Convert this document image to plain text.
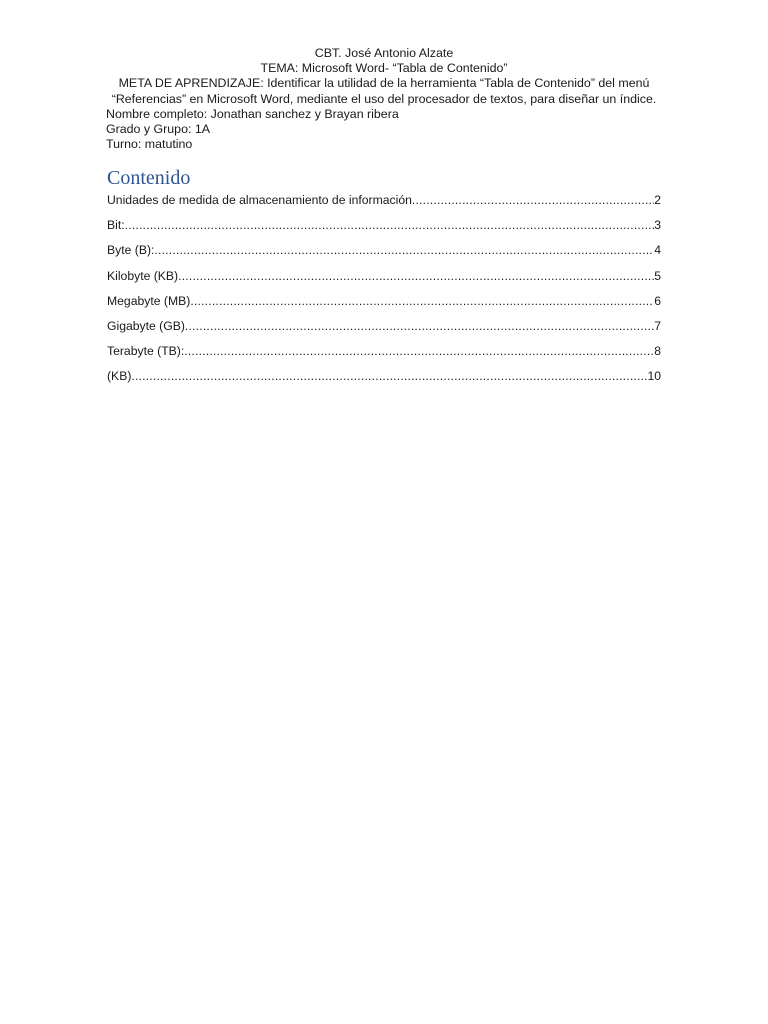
CBT. José Antonio Alzate
TEMA: Microsoft Word- “Tabla de Contenido”
META DE APRENDIZAJE: Identificar la utilidad de la herramienta “Tabla de Contenido” del menú
“Referencias” en Microsoft Word, mediante el uso del procesador de textos, para diseñar un índice.
Nombre completo: Jonathan sanchez y Brayan ribera
Grado y Grupo: 1A
Turno: matutino
Contenido
Unidades de medida de almacenamiento de información .....	2
Bit: .....	3
Byte (B): .....	4
Kilobyte (KB) .....	5
Megabyte (MB) .....	6
Gigabyte (GB) .....	7
Terabyte (TB): .....	8
(KB) .....	10
